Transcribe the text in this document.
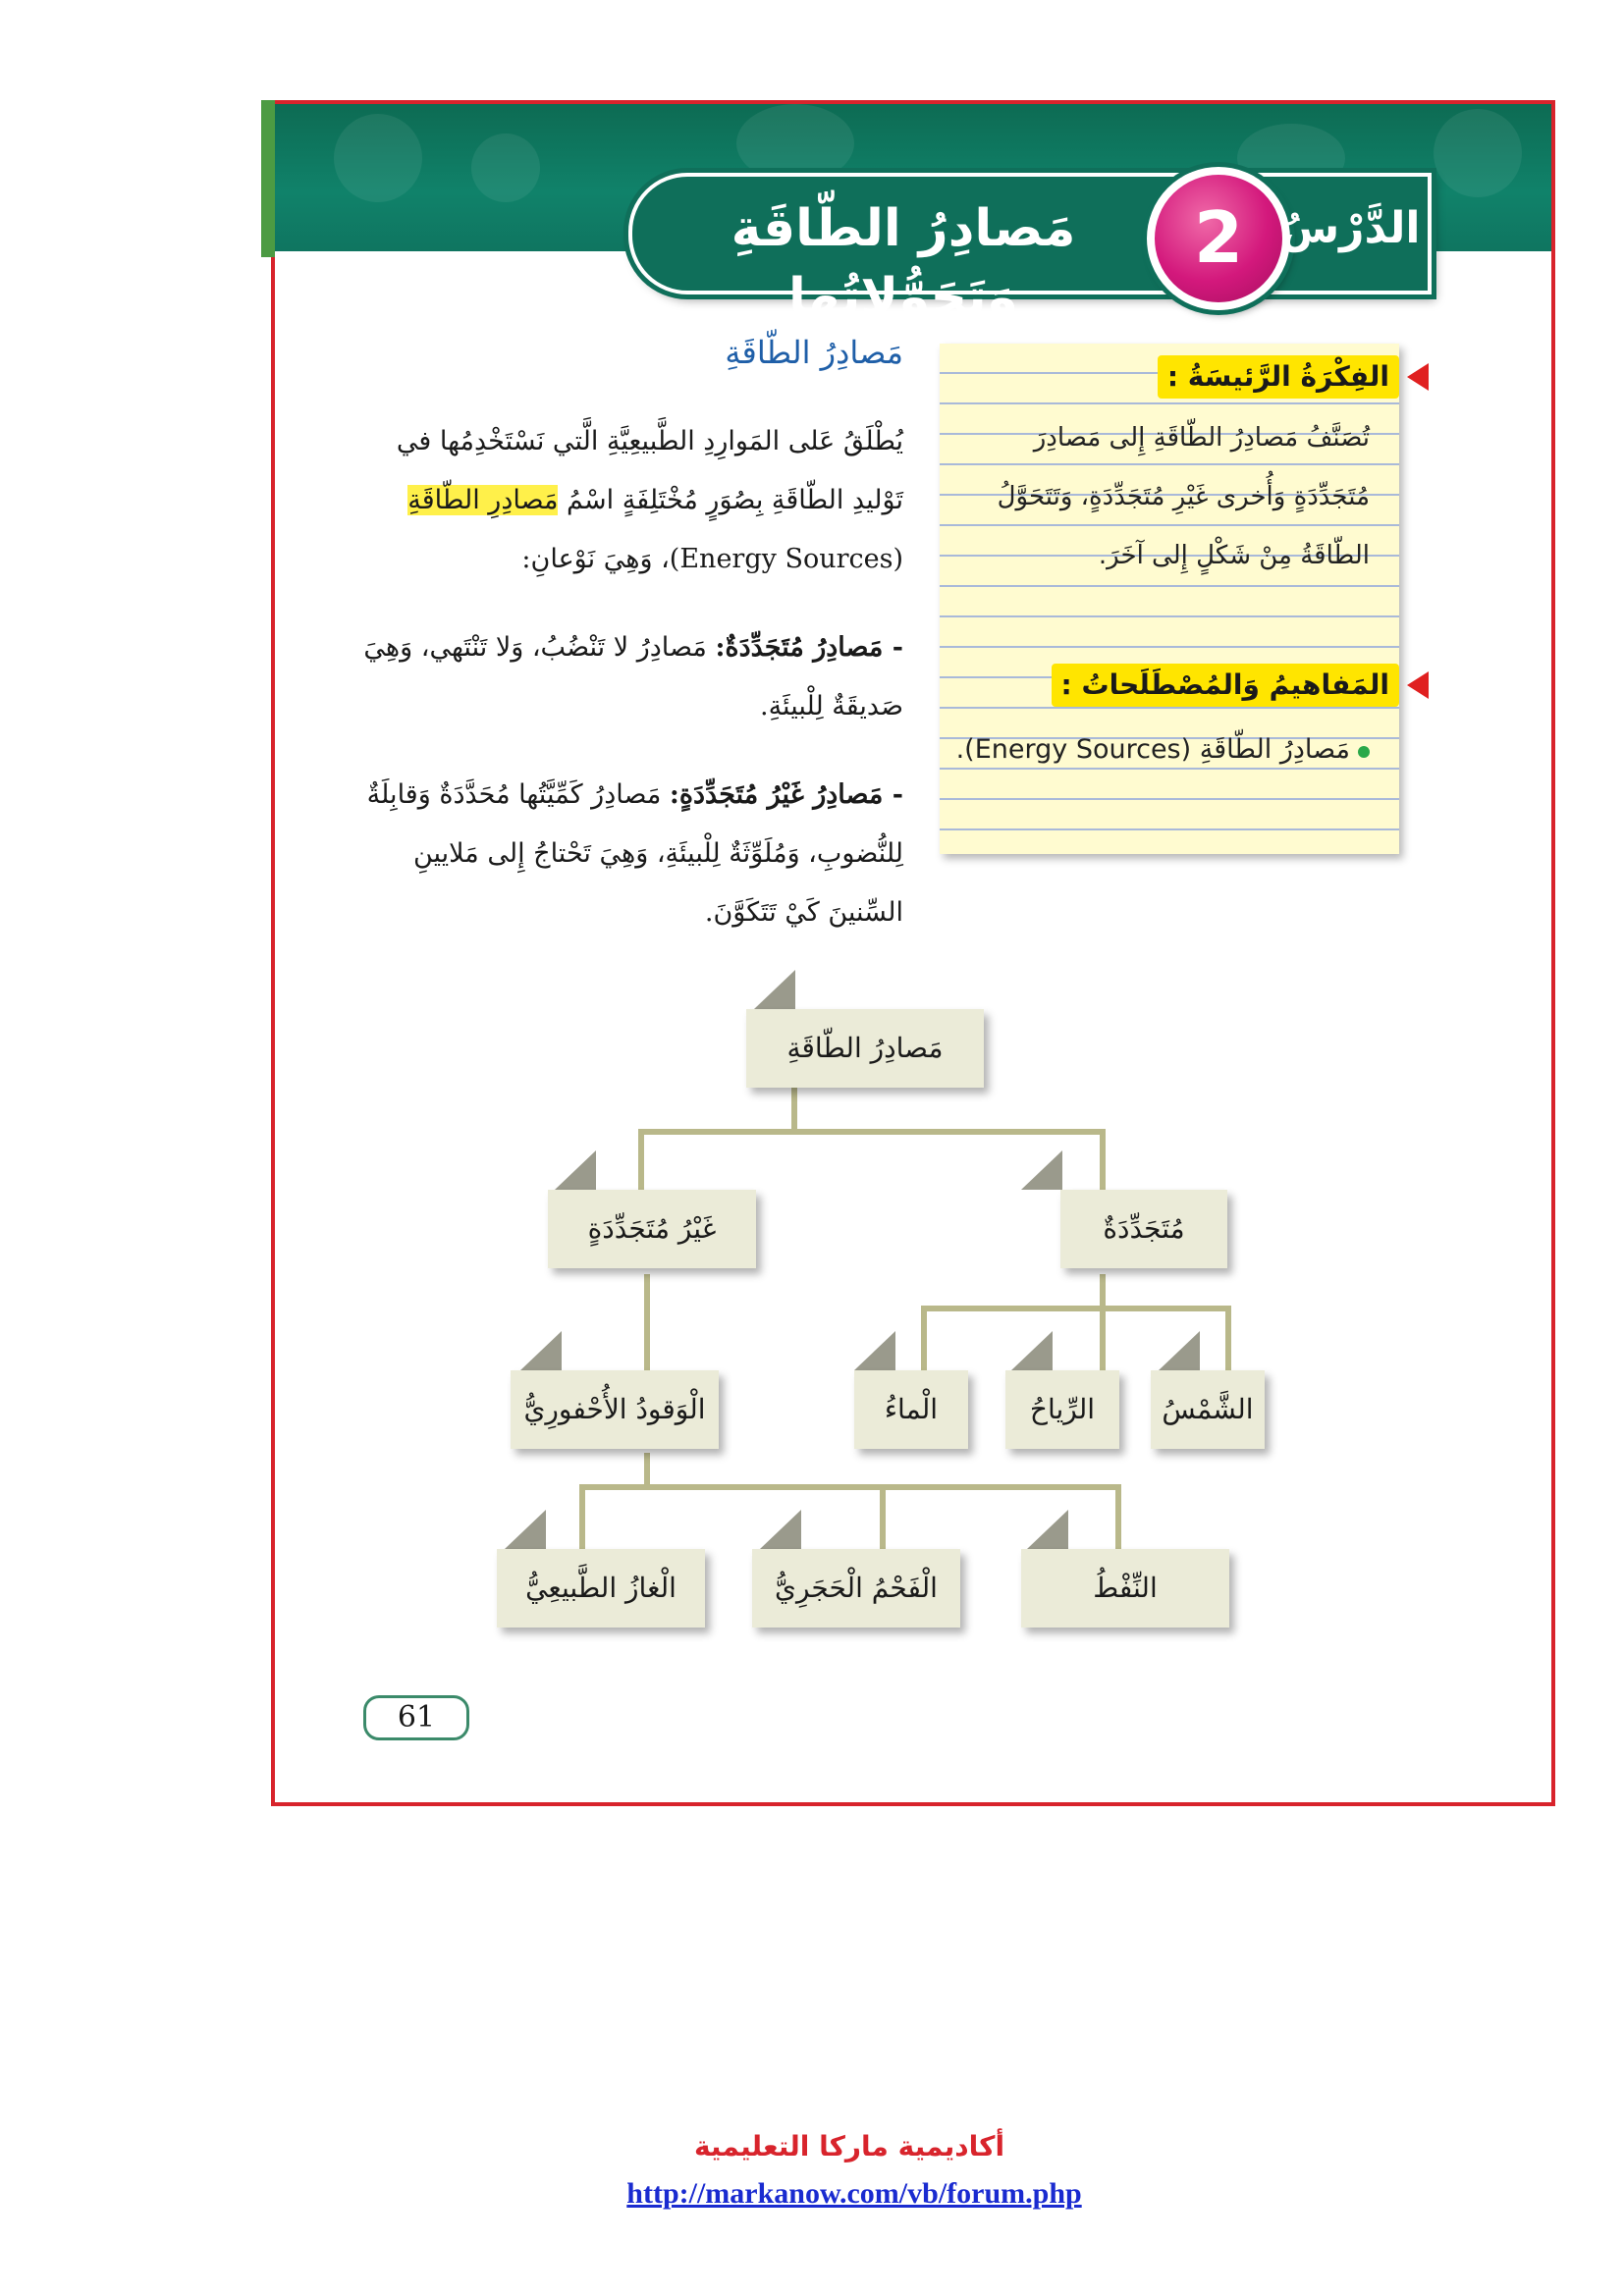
مَصادِرُ الطّاقَةِ وَتَحَوُّلاتُها
2 الدَّرْسُ
الفِكْرَةُ الرَّئيسَةُ :
تُصَنَّفُ مَصادِرُ الطّاقَةِ إِلى مَصادِرَ مُتَجَدِّدَةٍ وَأُخرى غَيْرِ مُتَجَدِّدَةٍ، وَتَتَحَوَّلُ الطّاقَةُ مِنْ شَكْلٍ إِلى آخَرَ.
المَفاهيمُ وَالمُصْطَلَحاتُ :
مَصادِرُ الطّاقَةِ (Energy Sources).
مَصادِرُ الطّاقَةِ
يُطْلَقُ عَلى المَوارِدِ الطَّبيعِيَّةِ الَّتي نَسْتَخْدِمُها في تَوْليدِ الطّاقَةِ بِصُوَرٍ مُخْتَلِفَةٍ اسْمُ مَصادِرِ الطّاقَةِ (Energy Sources)، وَهِيَ نَوْعانِ:
- مَصادِرُ مُتَجَدِّدَةٌ: مَصادِرُ لا تَنْضُبُ، وَلا تَنْتَهي، وَهِيَ صَديقَةٌ لِلْبيئَةِ.
- مَصادِرُ غَيْرُ مُتَجَدِّدَةٍ: مَصادِرُ كَمِّيَّتُها مُحَدَّدَةٌ وَقابِلَةٌ لِلنُّضوبِ، وَمُلَوِّثَةٌ لِلْبيئَةِ، وَهِيَ تَحْتاجُ إِلى مَلايينِ السِّنينَ كَيْ تَتَكَوَّنَ.
مَصادِرُ الطّاقَةِ
غَيْرُ مُتَجَدِّدَةٍ	مُتَجَدِّدَةٌ
الْوَقودُ الأُحْفورِيُّ	الْماءُ	الرِّياحُ	الشَّمْسُ
الْغازُ الطَّبيعِيُّ	الْفَحْمُ الْحَجَرِيُّ	النِّفْطُ
61
أكاديمية ماركا التعليمية
http://markanow.com/vb/forum.php
